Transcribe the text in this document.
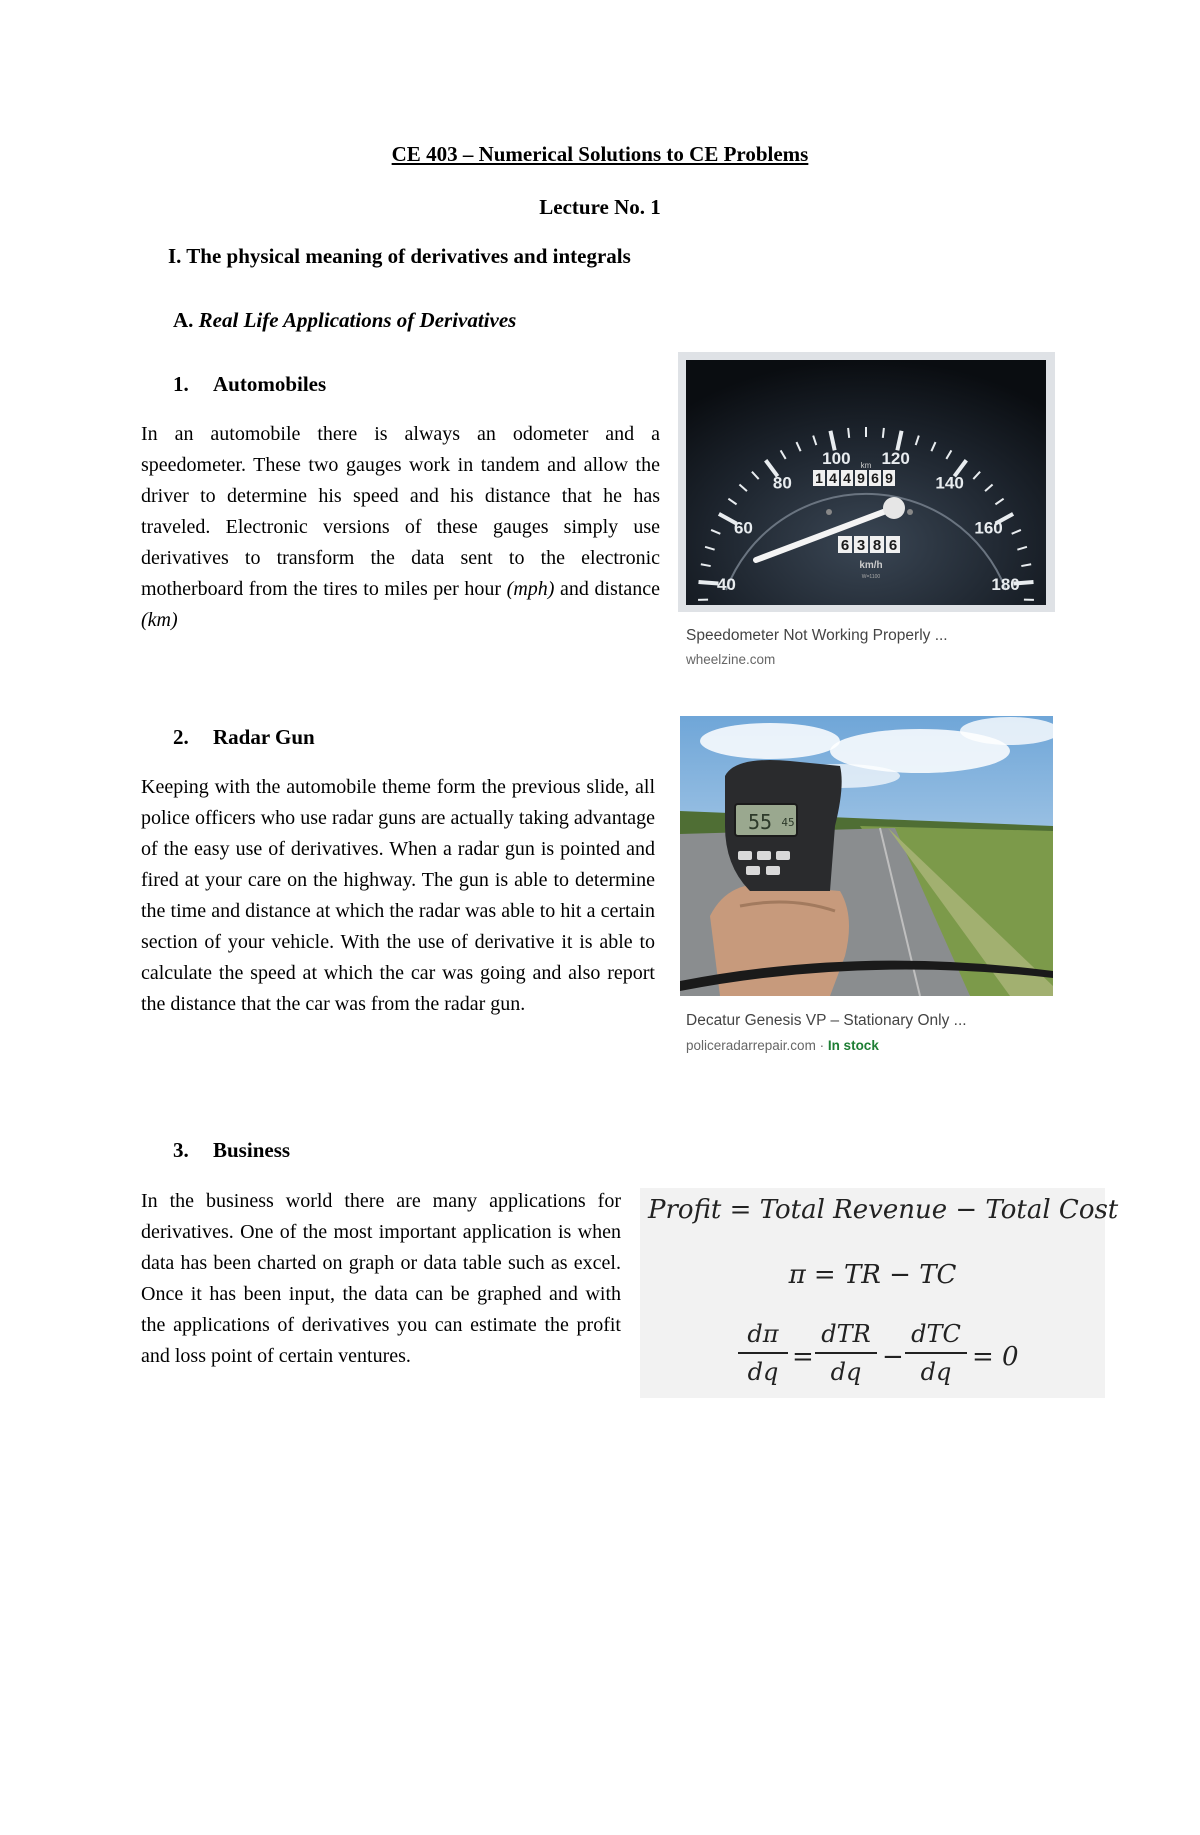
CE 403 – Numerical Solutions to CE Problems
Lecture No. 1
I. The physical meaning of derivatives and integrals
A. Real Life Applications of Derivatives
1. Automobiles
In an automobile there is always an odometer and a speedometer. These two gauges work in tandem and allow the driver to determine his speed and his distance that he has traveled. Electronic versions of these gauges simply use derivatives to transform the data sent to the electronic motherboard from the tires to miles per hour (mph) and distance (km)
40
60
80
100 120
140
160
180
km
1 4 4 9 6 9
6 3 8 6
km/h
W=1100
Speedometer Not Working Properly ...
wheelzine.com
2. Radar Gun
Keeping with the automobile theme form the previous slide, all police officers who use radar guns are actually taking advantage of the easy use of derivatives. When a radar gun is pointed and fired at your care on the highway. The gun is able to determine the time and distance at which the radar was able to hit a certain section of your vehicle. With the use of derivative it is able to calculate the speed at which the car was going and also report the distance that the car was from the radar gun.
55 45
Decatur Genesis VP – Stationary Only ...
policeradarrepair.com · In stock
3. Business
In the business world there are many applications for derivatives. One of the most important application is when data has been charted on graph or data table such as excel. Once it has been input, the data can be graphed and with the applications of derivatives you can estimate the profit and loss point of certain ventures.
Profit = Total Revenue − Total Cost
π = TR − TC
dπ
dq =
dTR
dq −
dTC
dq = 0
